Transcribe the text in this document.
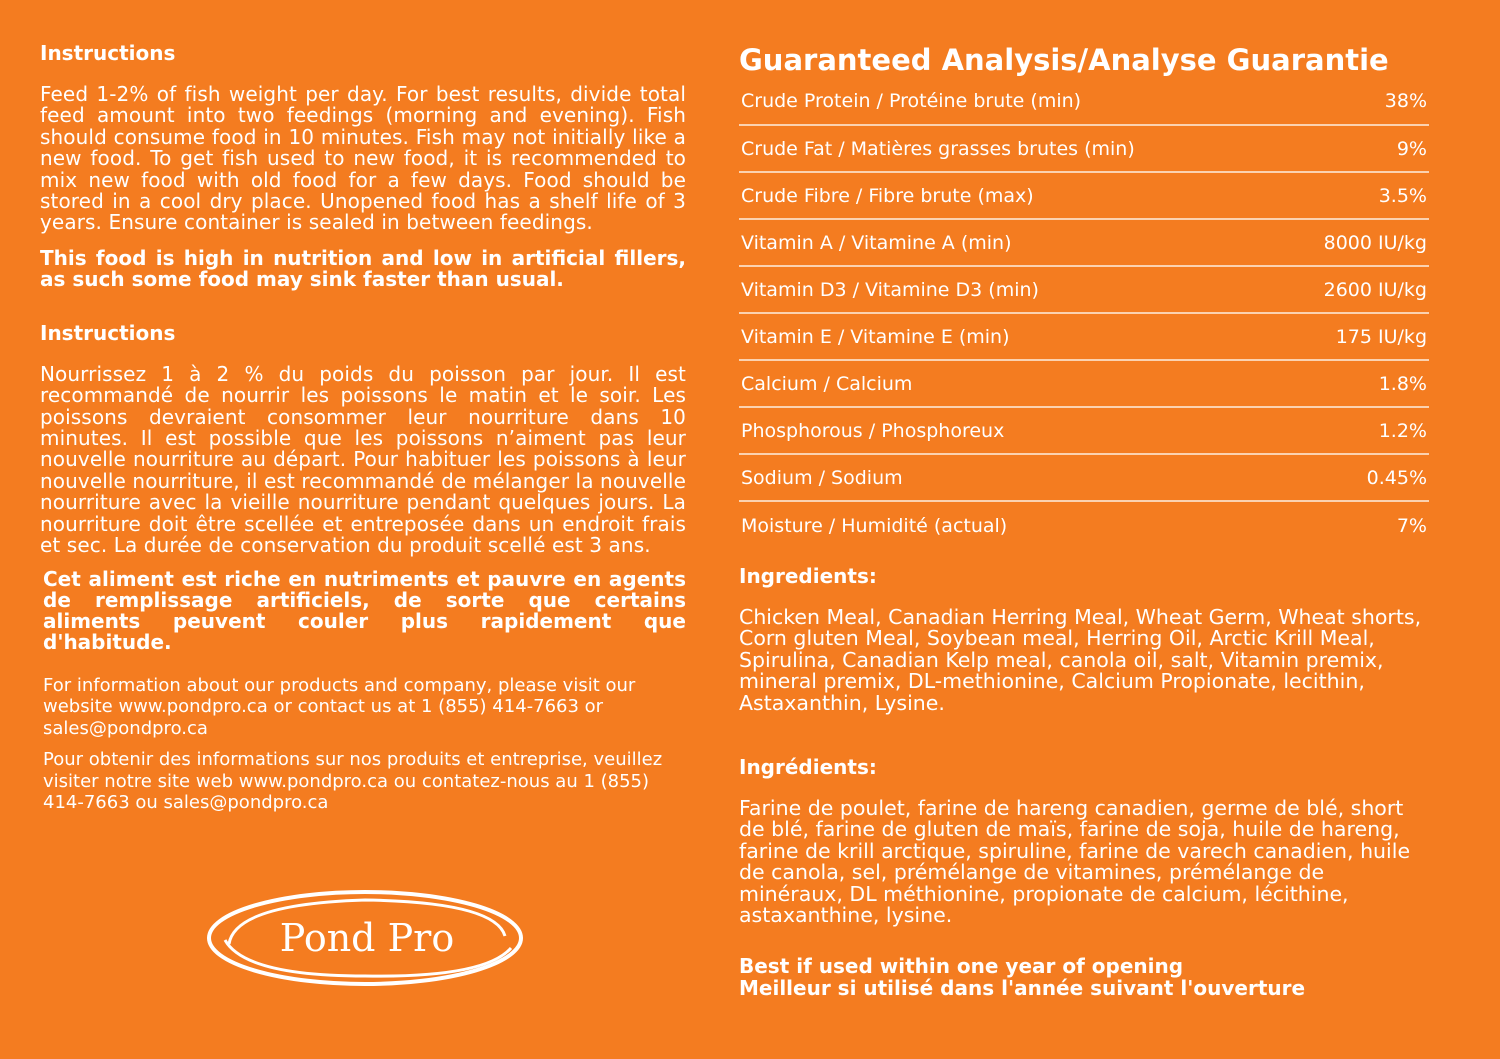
Instructions
Feed 1-2% of fish weight per day. For best results, divide total feed amount into two feedings (morning and evening). Fish should consume food in 10 minutes. Fish may not initially like a new food. To get fish used to new food, it is recommended to mix new food with old food for a few days. Food should be stored in a cool dry place. Unopened food has a shelf life of 3 years. Ensure container is sealed in between feedings.
This food is high in nutrition and low in artificial fillers, as such some food may sink faster than usual.
Instructions
Nourrissez 1 à 2 % du poids du poisson par jour. Il est recommandé de nourrir les poissons le matin et le soir. Les poissons devraient consommer leur nourriture dans 10 minutes. Il est possible que les poissons n’aiment pas leur nouvelle nourriture au départ. Pour habituer les poissons à leur nouvelle nourriture, il est recommandé de mélanger la nouvelle nourriture avec la vieille nourriture pendant quelques jours. La nourriture doit être scellée et entreposée dans un endroit frais et sec. La durée de conservation du produit scellé est 3 ans.
Cet aliment est riche en nutriments et pauvre en agents de remplissage artificiels, de sorte que certains aliments peuvent couler plus rapidement que d'habitude.
For information about our products and company, please visit our website www.pondpro.ca or contact us at 1 (855) 414-7663 or sales@pondpro.ca
Pour obtenir des informations sur nos produits et entreprise, veuillez visiter notre site web www.pondpro.ca ou contatez-nous au 1 (855) 414-7663 ou sales@pondpro.ca
Pond Pro
Guaranteed Analysis/Analyse Guarantie
Crude Protein / Protéine brute (min)	38%
Crude Fat / Matières grasses brutes (min)	9%
Crude Fibre / Fibre brute (max)	3.5%
Vitamin A / Vitamine A (min)	8000 IU/kg
Vitamin D3 / Vitamine D3 (min)	2600 IU/kg
Vitamin E / Vitamine E (min)	175 IU/kg
Calcium / Calcium	1.8%
Phosphorous / Phosphoreux	1.2%
Sodium / Sodium	0.45%
Moisture / Humidité (actual)	7%
Ingredients:
Chicken Meal, Canadian Herring Meal, Wheat Germ, Wheat shorts, Corn gluten Meal, Soybean meal, Herring Oil, Arctic Krill Meal, Spirulina, Canadian Kelp meal, canola oil, salt, Vitamin premix, mineral premix, DL-methionine, Calcium Propionate, lecithin, Astaxanthin, Lysine.
Ingrédients:
Farine de poulet, farine de hareng canadien, germe de blé, short de blé, farine de gluten de maïs, farine de soja, huile de hareng, farine de krill arctique, spiruline, farine de varech canadien, huile de canola, sel, prémélange de vitamines, prémélange de minéraux, DL méthionine, propionate de calcium, lécithine, astaxanthine, lysine.
Best if used within one year of opening
Meilleur si utilisé dans l'année suivant l'ouverture
